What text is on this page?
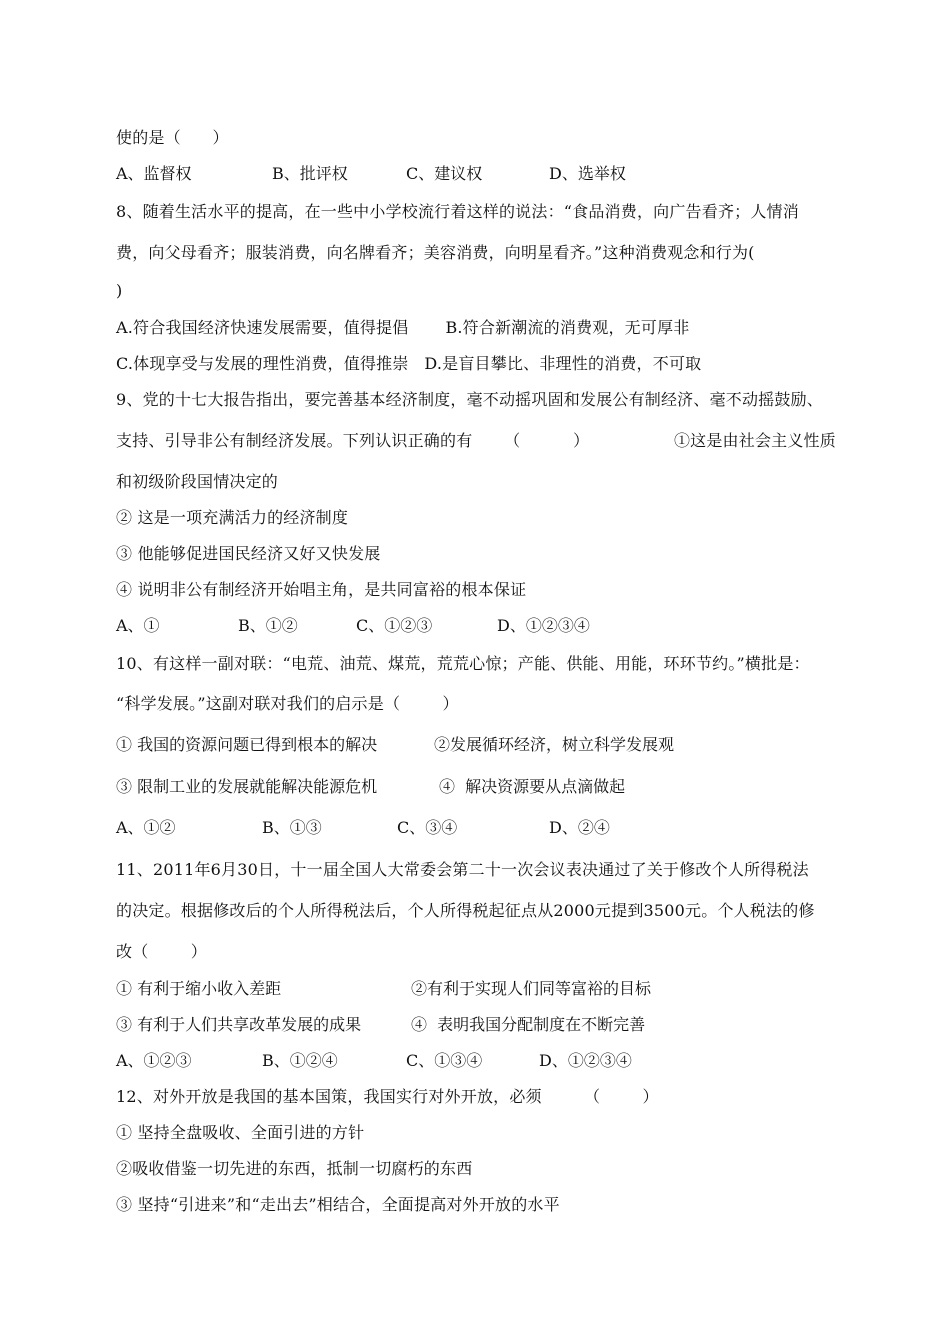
使的是（      ）
A、监督权	B、批评权	C、建议权	D、选举权
8、随着生活水平的提高，在一些中小学校流行着这样的说法：“食品消费，向广告看齐；人情消
费，向父母看齐；服装消费，向名牌看齐；美容消费，向明星看齐。”这种消费观念和行为(
)
A.符合我国经济快速发展需要，值得提倡       B.符合新潮流的消费观，无可厚非
C.体现享受与发展的理性消费，值得推崇   D.是盲目攀比、非理性的消费，不可取
9、党的十七大报告指出，要完善基本经济制度，毫不动摇巩固和发展公有制经济、毫不动摇鼓励、
支持、引导非公有制经济发展。下列认识正确的有      （          ）                ①这是由社会主义性质
和初级阶段国情决定的
② 这是一项充满活力的经济制度
③ 他能够促进国民经济又好又快发展
④ 说明非公有制经济开始唱主角，是共同富裕的根本保证
A、①	B、①②	C、①②③	D、①②③④
10、有这样一副对联：“电荒、油荒、煤荒，荒荒心惊；产能、供能、用能，环环节约。”横批是：
“科学发展。”这副对联对我们的启示是（        ）
① 我国的资源问题已得到根本的解决	②发展循环经济，树立科学发展观
③ 限制工业的发展就能解决能源危机	④  解决资源要从点滴做起
A、①②	B、①③	C、③④	D、②④
11、2011年6月30日，十一届全国人大常委会第二十一次会议表决通过了关于修改个人所得税法
的决定。根据修改后的个人所得税法后，个人所得税起征点从2000元提到3500元。个人税法的修
改（        ）
① 有利于缩小收入差距	②有利于实现人们同等富裕的目标
③ 有利于人们共享改革发展的成果	④  表明我国分配制度在不断完善
A、①②③	B、①②④	C、①③④	D、①②③④
12、对外开放是我国的基本国策，我国实行对外开放，必须        （        ）
① 坚持全盘吸收、全面引进的方针
②吸收借鉴一切先进的东西，抵制一切腐朽的东西
③ 坚持“引进来”和“走出去”相结合，全面提高对外开放的水平
